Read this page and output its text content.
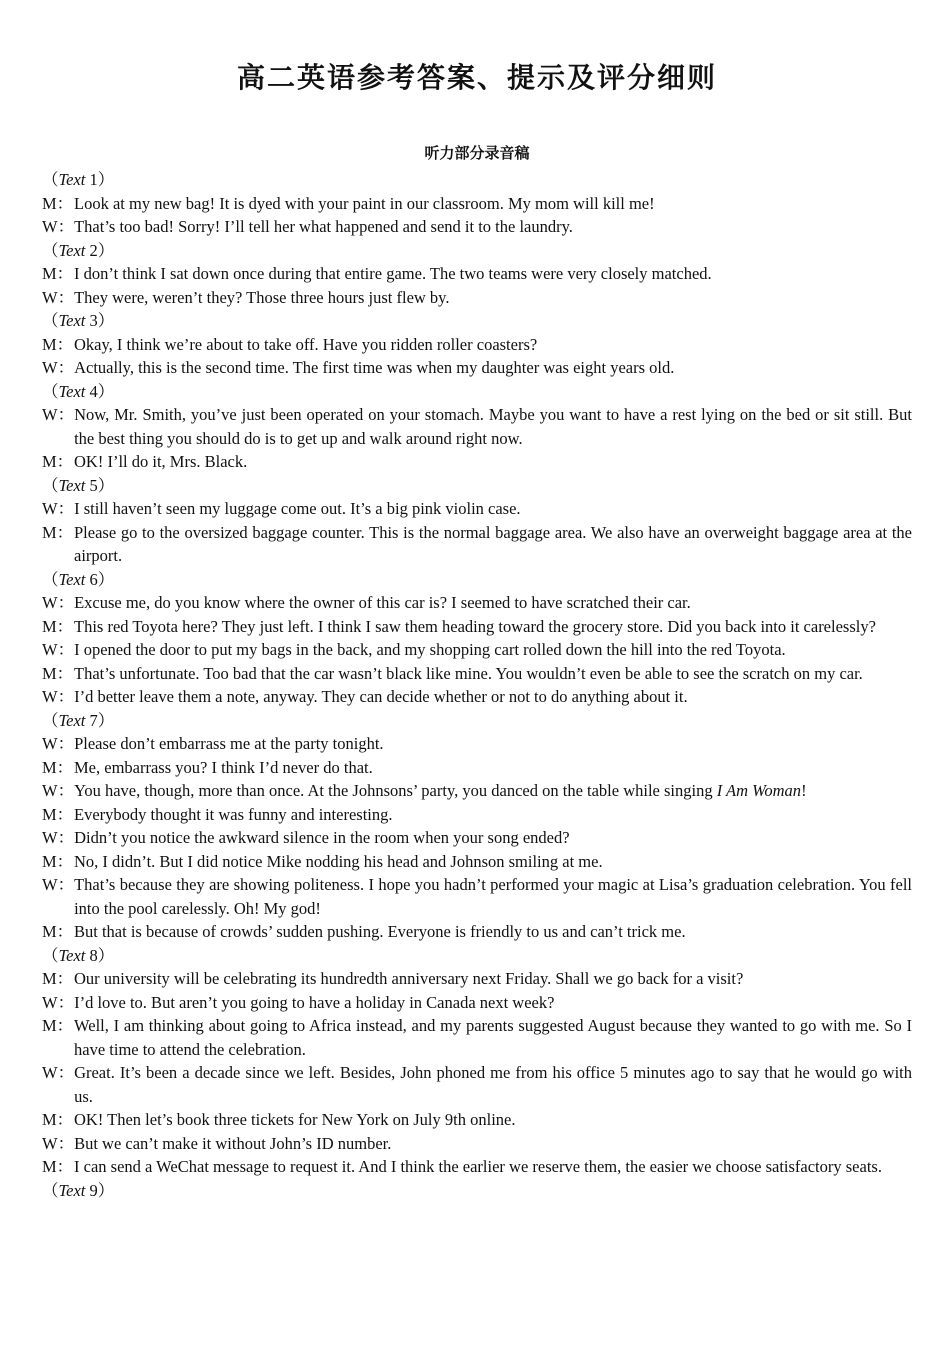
高二英语参考答案、提示及评分细则
听力部分录音稿
（Text 1）
M： Look at my new bag! It is dyed with your paint in our classroom. My mom will kill me!
W： That’s too bad! Sorry! I’ll tell her what happened and send it to the laundry.
（Text 2）
M： I don’t think I sat down once during that entire game. The two teams were very closely matched.
W： They were, weren’t they? Those three hours just flew by.
（Text 3）
M： Okay, I think we’re about to take off. Have you ridden roller coasters?
W： Actually, this is the second time. The first time was when my daughter was eight years old.
（Text 4）
W： Now, Mr. Smith, you’ve just been operated on your stomach. Maybe you want to have a rest lying on the bed or sit still. But the best thing you should do is to get up and walk around right now.
M： OK! I’ll do it, Mrs. Black.
（Text 5）
W： I still haven’t seen my luggage come out. It’s a big pink violin case.
M： Please go to the oversized baggage counter. This is the normal baggage area. We also have an overweight baggage area at the airport.
（Text 6）
W： Excuse me, do you know where the owner of this car is? I seemed to have scratched their car.
M： This red Toyota here? They just left. I think I saw them heading toward the grocery store. Did you back into it carelessly?
W： I opened the door to put my bags in the back, and my shopping cart rolled down the hill into the red Toyota.
M： That’s unfortunate. Too bad that the car wasn’t black like mine. You wouldn’t even be able to see the scratch on my car.
W： I’d better leave them a note, anyway. They can decide whether or not to do anything about it.
（Text 7）
W： Please don’t embarrass me at the party tonight.
M： Me, embarrass you? I think I’d never do that.
W： You have, though, more than once. At the Johnsons’ party, you danced on the table while singing I Am Woman!
M： Everybody thought it was funny and interesting.
W： Didn’t you notice the awkward silence in the room when your song ended?
M： No, I didn’t. But I did notice Mike nodding his head and Johnson smiling at me.
W： That’s because they are showing politeness. I hope you hadn’t performed your magic at Lisa’s graduation celebration. You fell into the pool carelessly. Oh! My god!
M： But that is because of crowds’ sudden pushing. Everyone is friendly to us and can’t trick me.
（Text 8）
M： Our university will be celebrating its hundredth anniversary next Friday. Shall we go back for a visit?
W： I’d love to. But aren’t you going to have a holiday in Canada next week?
M： Well, I am thinking about going to Africa instead, and my parents suggested August because they wanted to go with me. So I have time to attend the celebration.
W： Great. It’s been a decade since we left. Besides, John phoned me from his office 5 minutes ago to say that he would go with us.
M： OK! Then let’s book three tickets for New York on July 9th online.
W： But we can’t make it without John’s ID number.
M： I can send a WeChat message to request it. And I think the earlier we reserve them, the easier we choose satisfactory seats.
（Text 9）
